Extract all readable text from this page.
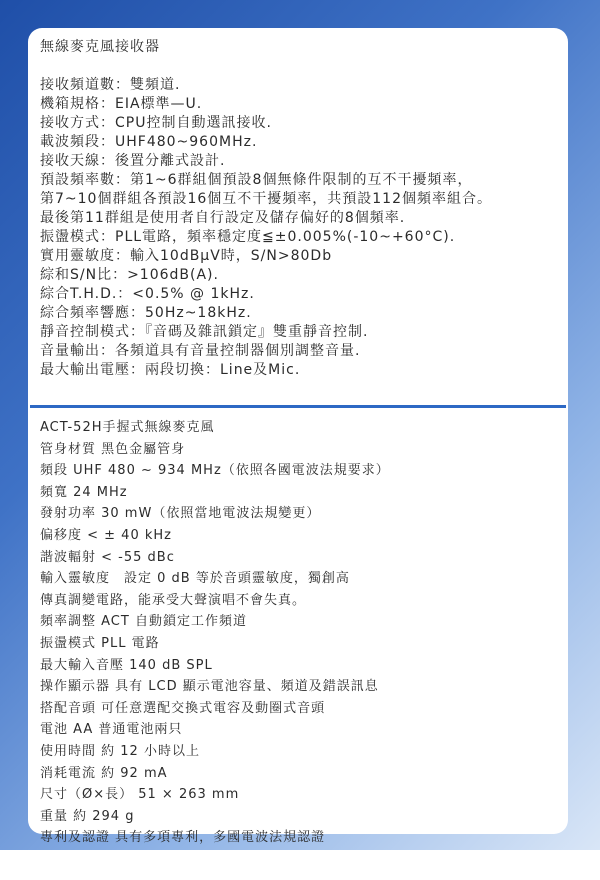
無線麥克風接收器
接收頻道數：雙頻道.
機箱規格：EIA標準—U.
接收方式：CPU控制自動選訊接收.
載波頻段：UHF480~960MHz.
接收天線：後置分離式設計.
預設頻率數：第1~6群組個預設8個無條件限制的互不干擾頻率，
第7~10個群組各預設16個互不干擾頻率，共預設112個頻率組合。
最後第11群組是使用者自行設定及儲存偏好的8個頻率.
振盪模式：PLL電路，頻率穩定度≦±0.005%(-10~+60°C).
實用靈敏度：輸入10dBμV時，S/N>80Db
綜和S/N比：>106dB(A).
綜合T.H.D.：<0.5% @ 1kHz.
綜合頻率響應：50Hz~18kHz.
靜音控制模式：『音碼及雜訊鎖定』雙重靜音控制.
音量輸出：各頻道具有音量控制器個別調整音量.
最大輸出電壓：兩段切換：Line及Mic.
ACT-52H手握式無線麥克風
管身材質 黑色金屬管身
頻段 UHF 480 ~ 934 MHz（依照各國電波法規要求）
頻寬 24 MHz
發射功率 30 mW（依照當地電波法規變更）
偏移度 < ± 40 kHz
諧波輻射 < -55 dBc
輸入靈敏度　設定 0 dB 等於音頭靈敏度，獨創高
傳真調變電路，能承受大聲演唱不會失真。
頻率調整 ACT 自動鎖定工作頻道
振盪模式 PLL 電路
最大輸入音壓 140 dB SPL
操作顯示器 具有 LCD 顯示電池容量、頻道及錯誤訊息
搭配音頭 可任意選配交換式電容及動圈式音頭
電池 AA 普通電池兩只
使用時間 約 12 小時以上
消耗電流 約 92 mA
尺寸（Ø×長） 51 × 263 mm
重量 約 294 g
專利及認證 具有多項專利，多國電波法規認證
